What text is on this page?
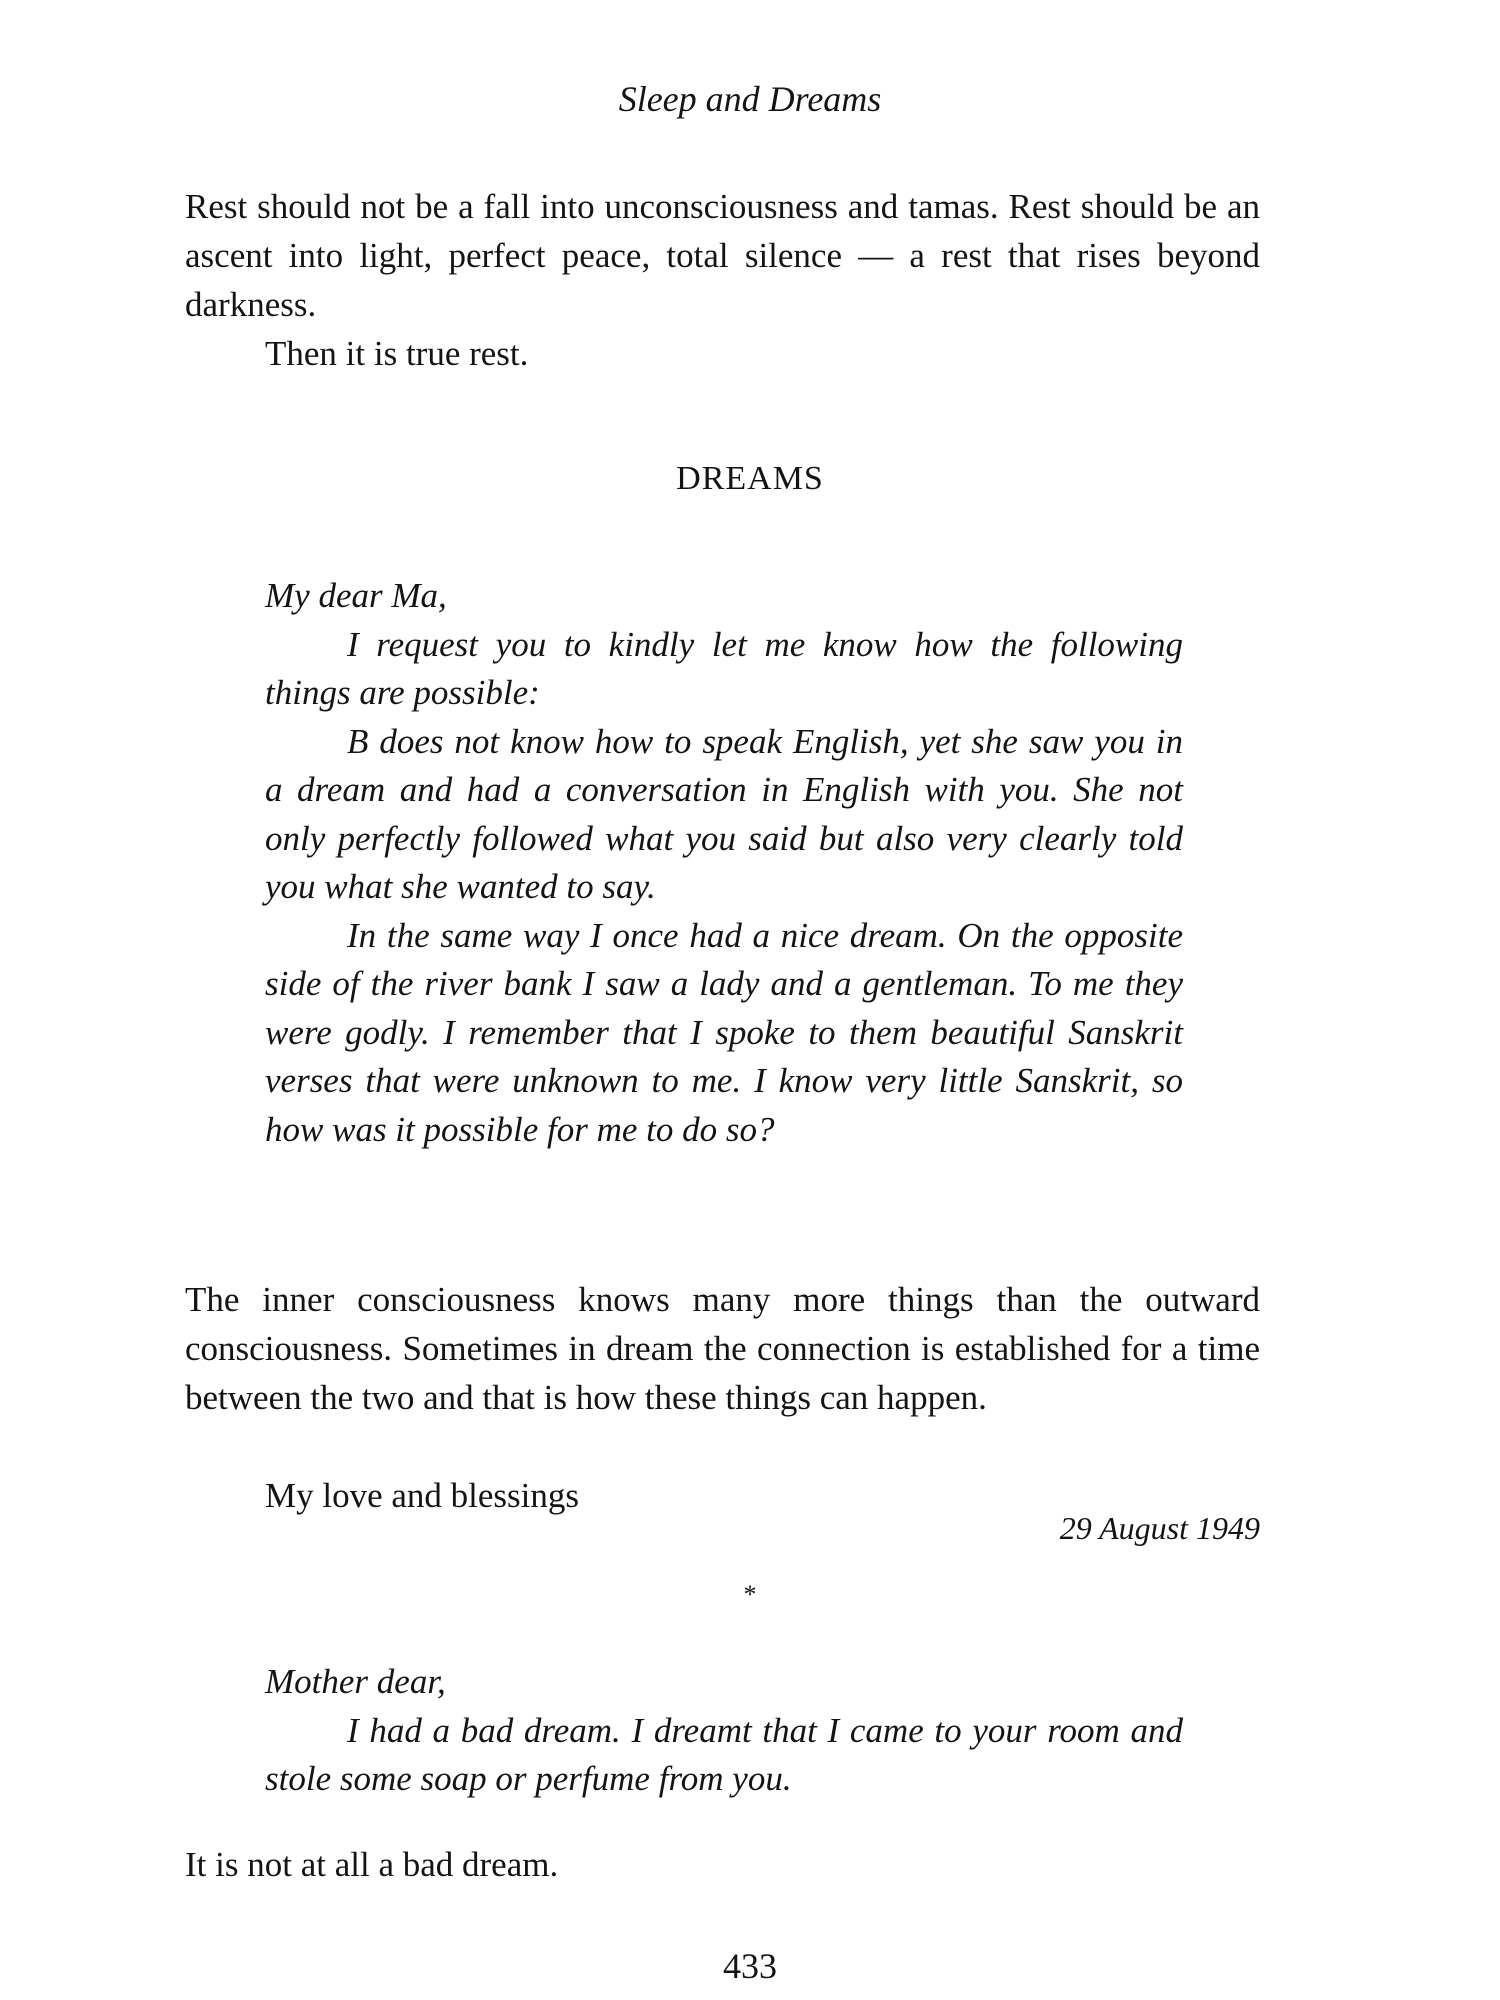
Sleep and Dreams

Rest should not be a fall into unconsciousness and tamas. Rest should be an ascent into light, perfect peace, total silence — a rest that rises beyond darkness.

Then it is true rest.

DREAMS

My dear Ma,

I request you to kindly let me know how the following things are possible:

B does not know how to speak English, yet she saw you in a dream and had a conversation in English with you. She not only perfectly followed what you said but also very clearly told you what she wanted to say.

In the same way I once had a nice dream. On the opposite side of the river bank I saw a lady and a gentleman. To me they were godly. I remember that I spoke to them beautiful Sanskrit verses that were unknown to me. I know very little Sanskrit, so how was it possible for me to do so?

The inner consciousness knows many more things than the outward consciousness. Sometimes in dream the connection is established for a time between the two and that is how these things can happen.

My love and blessings

29 August 1949
*

Mother dear,

I had a bad dream. I dreamt that I came to your room and stole some soap or perfume from you.

It is not at all a bad dream.

433
